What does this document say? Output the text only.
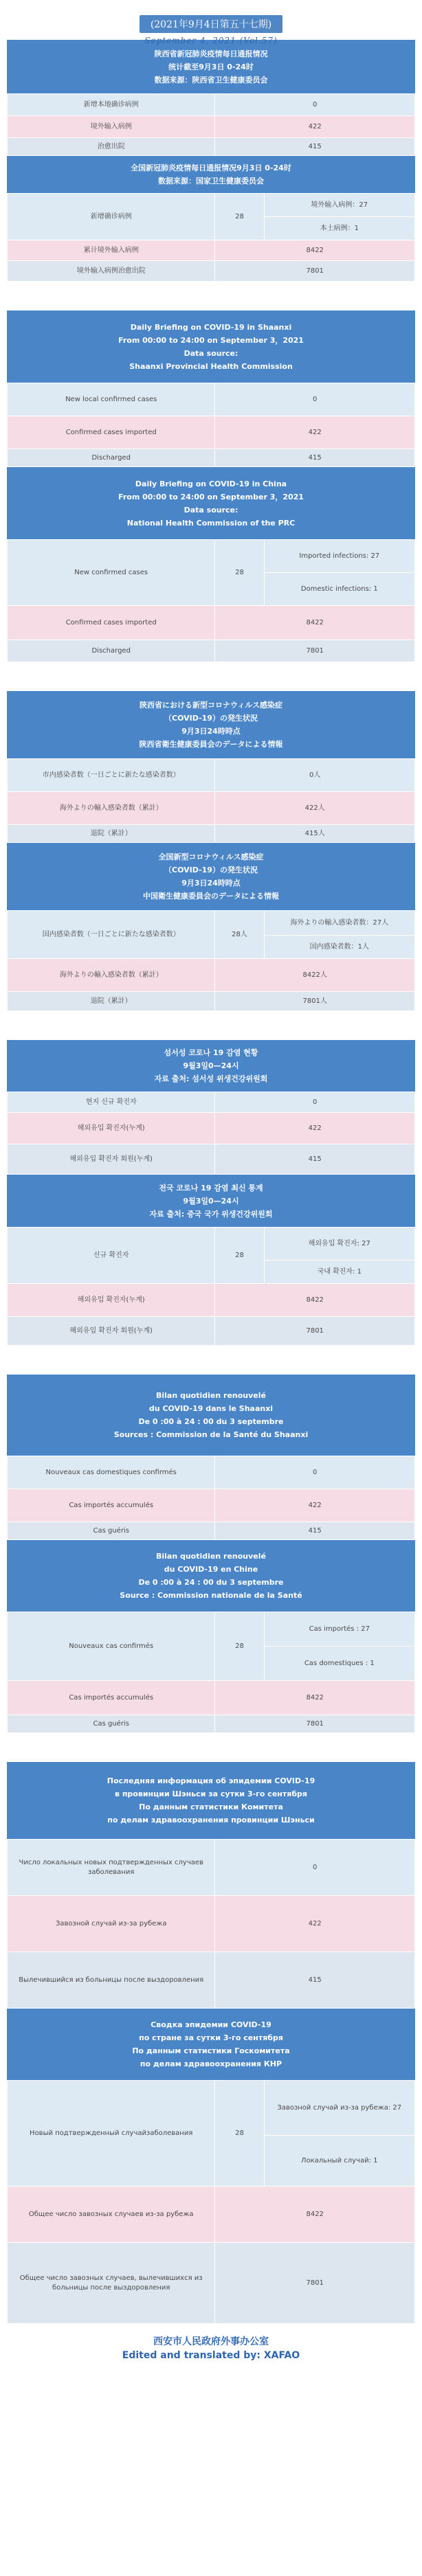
(2021年9月4日第五十七期)
September 4, 2021 (Vol.57)
陕西省新冠肺炎疫情每日通报情况
统计截至9月3日 0-24时
数据来源：陕西省卫生健康委员会
新增本地确诊病例	0
境外输入病例	422
治愈出院	415
全国新冠肺炎疫情每日通报情况9月3日 0-24时
数据来源：国家卫生健康委员会
新增确诊病例	28	境外输入病例：27
		本土病例：1
累计境外输入病例	8422	
境外输入病例治愈出院	7801	
Daily Briefing on COVID-19 in Shaanxi
From 00:00 to 24:00 on September 3，2021
Data source:
Shaanxi Provincial Health Commission
New local confirmed cases	0
Confirmed cases imported	422
Discharged	415
Daily Briefing on COVID-19 in China
From 00:00 to 24:00 on September 3，2021
Data source:
National Health Commission of the PRC
New confirmed cases	28	Imported infections: 27
		Domestic infections: 1
Confirmed cases imported	8422	
Discharged	7801	
陝西省における新型コロナウィルス感染症
（COVID-19）の発生状況
9月3日24時時点
陝西省衛生健康委員会のデータによる情報
市内感染者数（一日ごとに新たな感染者数）	0人
海外よりの輸入感染者数（累計）	422人
退院（累計）	415人
全国新型コロナウィルス感染症
（COVID-19）の発生状況
9月3日24時時点
中国衛生健康委員会のデータによる情報
国内感染者数（一日ごとに新たな感染者数）	28人	海外よりの輸入感染者数：27人
		国内感染者数：1人
海外よりの輸入感染者数（累計）	8422人	
退院（累計）	7801人	
섬서성 코로나 19 감염 현황
9월3일0—24시
자료 출처: 섬서성 위생건강위원회
현지 신규 확진자	0
해외유입 확진자(누계)	422
해외유입 확진자 회원(누계)	415
전국 코로나 19 감염 최신 통계
9월3일0—24시
자료 출처: 중국 국가 위생건강위원회
신규 확진자	28	해외유입 확진자: 27
		국내 확진자: 1
해외유입 확진자(누계)	8422	
해외유입 확진자 회원(누계)	7801	
Bilan quotidien renouvelé
du COVID-19 dans le Shaanxi
De 0 :00 à 24 : 00 du 3 septembre
Sources : Commission de la Santé du Shaanxi
Nouveaux cas domestiques confirmés	0
Cas importés accumulés	422
Cas guéris	415
Bilan quotidien renouvelé
du COVID-19 en Chine
De 0 :00 à 24 : 00 du 3 septembre
Source : Commission nationale de la Santé
Nouveaux cas confirmés	28	Cas importés : 27
		Cas domestiques : 1
Cas importés accumulés	8422	
Cas guéris	7801	
Последняя информация об эпидемии COVID-19
в провинции Шэньси за сутки 3-го сентября
По данным статистики Комитета
по делам здравоохранения провинции Шэньси
Число локальных новых подтвержденных случаев заболевания	0
Завозной случай из-за рубежа	422
Вылечившийся из больницы после выздоровления	415
Сводка эпидемии COVID-19
по стране за сутки 3-го сентября
По данным статистики Госкомитета
по делам здравоохранения КНР
Новый подтвержденный случайзаболевания	28	Завозной случай из-за рубежа: 27
		Локальный случай: 1
Общее число завозных случаев из-за рубежа	8422	
Общее число завозных случаев, вылечившихся из больницы после выздоровления	7801	
西安市人民政府外事办公室
Edited and translated by: XAFAO
